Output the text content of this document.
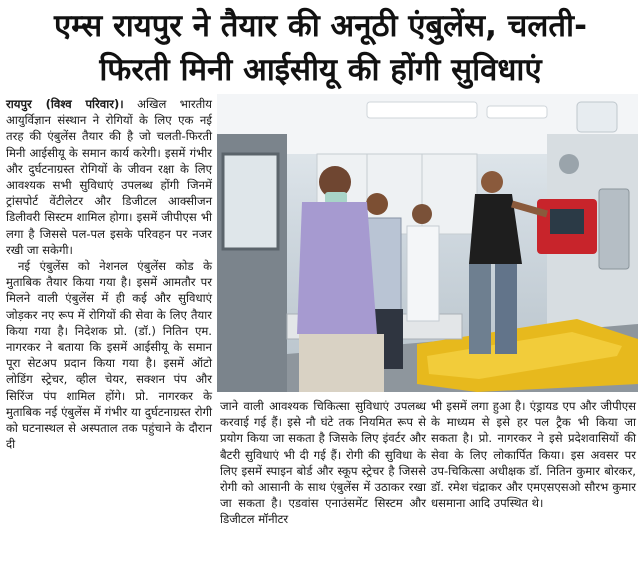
एम्स रायपुर ने तैयार की अनूठी एंबुलेंस, चलती-
फिरती मिनी आईसीयू की होंगी सुविधाएं

रायपुर (विश्व परिवार)। अखिल भारतीय आयुर्विज्ञान संस्थान ने रोगियों के लिए एक नई तरह की एंबुलेंस तैयार की है जो चलती-फिरती मिनी आईसीयू के समान कार्य करेगी। इसमें गंभीर और दुर्घटनाग्रस्त रोगियों के जीवन रक्षा के लिए आवश्यक सभी सुविधाएं उपलब्ध होंगी जिनमें ट्रांसपोर्ट वेंटीलेटर और डिजीटल आक्सीजन डिलीवरी सिस्टम शामिल होगा। इसमें जीपीएस भी लगा है जिससे पल-पल इसके परिवहन पर नजर रखी जा सकेगी।

नई एंबुलेंस को नेशनल एंबुलेंस कोड के मुताबिक तैयार किया गया है। इसमें आमतौर पर मिलने वाली एंबुलेंस में ही कई और सुविधाएं जोड़कर नए रूप में रोगियों की सेवा के लिए तैयार किया गया है। निदेशक प्रो. (डॉ.) नितिन एम. नागरकर ने बताया कि इसमें आईसीयू के समान पूरा सेटअप प्रदान किया गया है। इसमें ऑटो लोडिंग स्ट्रेचर, व्हील चेयर, सक्शन पंप और सिरिंज पंप शामिल होंगे। प्रो. नागरकर के मुताबिक नई एंबुलेंस में गंभीर या दुर्घटनाग्रस्त रोगी को घटनास्थल से अस्पताल तक पहुंचाने के दौरान दी

जाने वाली आवश्यक चिकित्सा सुविधाएं उपलब्ध करवाई गई हैं। इसे नौ घंटे तक नियमित रूप से प्रयोग किया जा सकता है जिसके लिए इंवर्टर और बैटरी सुविधाएं भी दी गई हैं। रोगी की सुविधा के लिए इसमें स्पाइन बोर्ड और स्कूप स्ट्रेचर है जिससे रोगी को आसानी के साथ एंबुलेंस में उठाकर रखा जा सकता है। एडवांस एनाउंसमेंट सिस्टम और डिजीटल मॉनीटर

भी इसमें लगा हुआ है। एंड्रायड एप और जीपीएस के माध्यम से इसे हर पल ट्रैक भी किया जा सकता है। प्रो. नागरकर ने इसे प्रदेशवासियों की सेवा के लिए लोकार्पित किया। इस अवसर पर उप-चिकित्सा अधीक्षक डॉ. नितिन कुमार बोरकर, डॉ. रमेश चंद्राकर और एमएसएसओ सौरभ कुमार धसमाना आदि उपस्थित थे।
